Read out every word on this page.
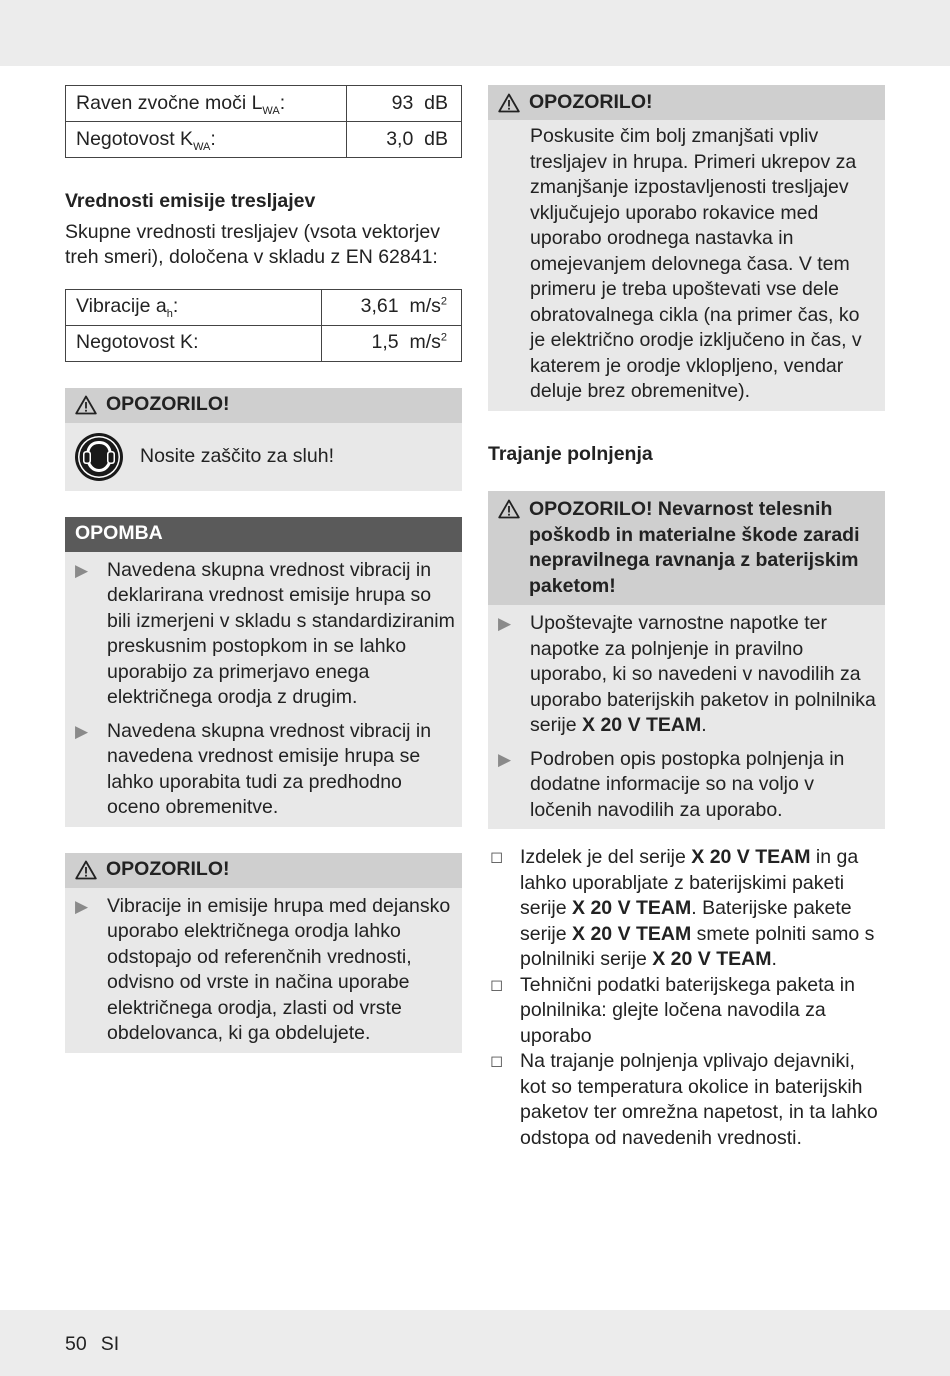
Raven zvočne moči $L_{WA}$:	93  dB
Negotovost $K_{WA}$:	3,0  dB
Vrednosti emisije tresljajev
Skupne vrednosti tresljajev (vsota vektorjev treh smeri), določena v skladu z EN 62841:
Vibracije $a_h$:	3,61  $m/s^2$
Negotovost K:	1,5  $m/s^2$
OPOZORILO!
Nosite zaščito za sluh!
OPOMBA
▶ Navedena skupna vrednost vibracij in deklarirana vrednost emisije hrupa so bili izmerjeni v skladu s standardiziranim preskusnim postopkom in se lahko uporabijo za primerjavo enega električnega orodja z drugim.
▶ Navedena skupna vrednost vibracij in navedena vrednost emisije hrupa se lahko uporabita tudi za predhodno oceno obremenitve.
OPOZORILO!
▶ Vibracije in emisije hrupa med dejansko uporabo električnega orodja lahko odstopajo od referenčnih vrednosti, odvisno od vrste in načina uporabe električnega orodja, zlasti od vrste obdelovanca, ki ga obdelujete.
OPOZORILO!
Poskusite čim bolj zmanjšati vpliv tresljajev in hrupa. Primeri ukrepov za zmanjšanje izpostavljenosti tresljajev vključujejo uporabo rokavice med uporabo orodnega nastavka in omejevanjem delovnega časa. V tem primeru je treba upoštevati vse dele obratovalnega cikla (na primer čas, ko je električno orodje izključeno in čas, v katerem je orodje vklopljeno, vendar deluje brez obremenitve).
Trajanje polnjenja
OPOZORILO! Nevarnost telesnih poškodb in materialne škode zaradi nepravilnega ravnanja z baterijskim paketom!
▶ Upoštevajte varnostne napotke ter napotke za polnjenje in pravilno uporabo, ki so navedeni v navodilih za uporabo baterijskih paketov in polnilnika serije X 20 V TEAM.
▶ Podroben opis postopka polnjenja in dodatne informacije so na voljo v ločenih navodilih za uporabo.
◻ Izdelek je del serije X 20 V TEAM in ga lahko uporabljate z baterijskimi paketi serije X 20 V TEAM. Baterijske pakete serije X 20 V TEAM smete polniti samo s polnilniki serije X 20 V TEAM.
◻ Tehnični podatki baterijskega paketa in polnilnika: glejte ločena navodila za uporabo
◻ Na trajanje polnjenja vplivajo dejavniki, kot so temperatura okolice in baterijskih paketov ter omrežna napetost, in ta lahko odstopa od navedenih vrednosti.
50 SI
